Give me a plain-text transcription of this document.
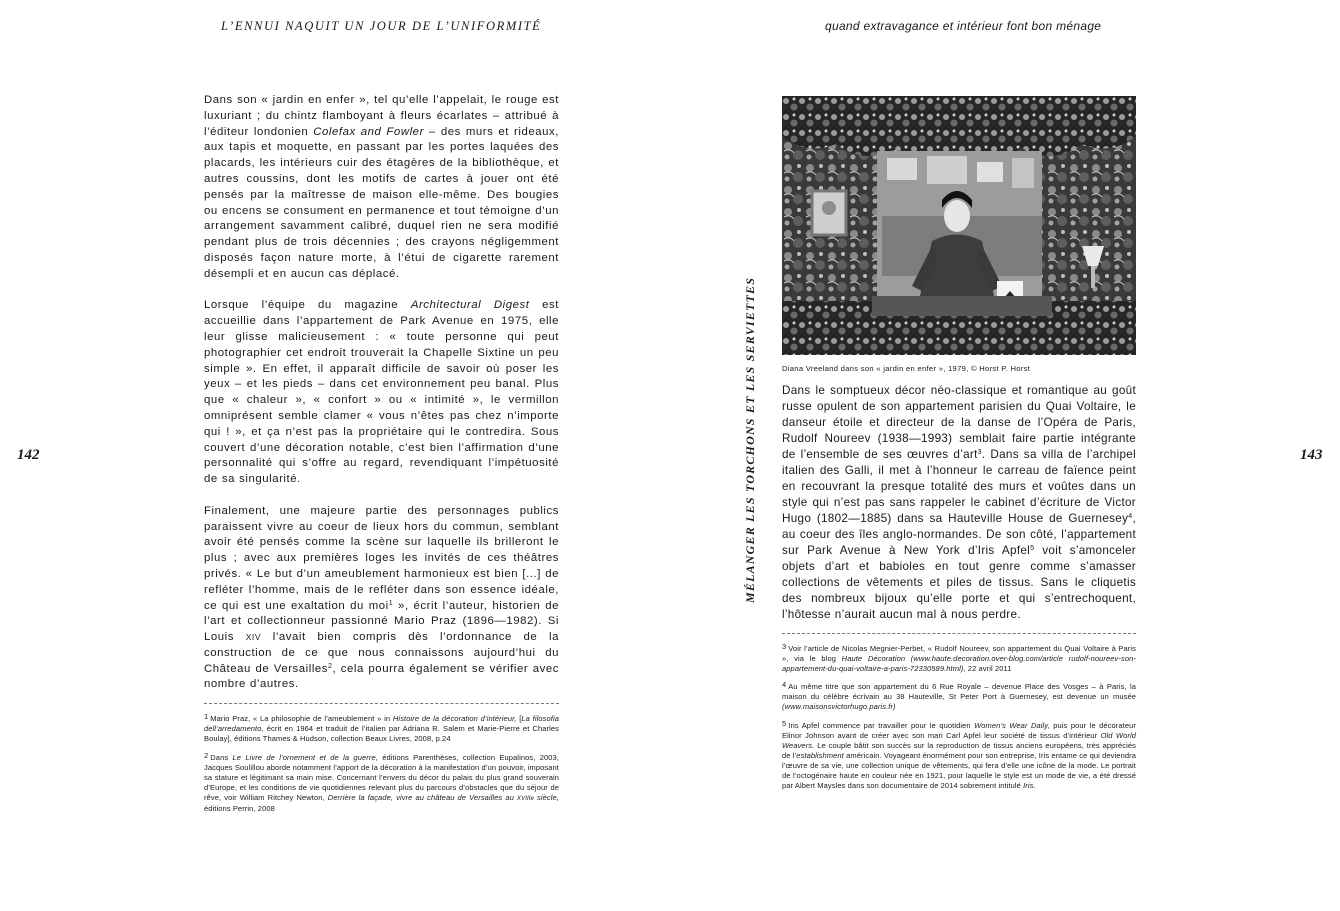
L’ENNUI NAQUIT UN JOUR DE L’UNIFORMITÉ	quand extravagance et intérieur font bon ménage
142	143
MÉLANGER LES TORCHONS ET LES SERVIETTES

Dans son « jardin en enfer », tel qu’elle l’appelait, le rouge est luxuriant ; du chintz flamboyant à fleurs écarlates – attribué à l’éditeur londonien Colefax and Fowler – des murs et rideaux, aux tapis et moquette, en passant par les portes laquées des placards, les intérieurs cuir des étagères de la bibliothèque, et autres coussins, dont les motifs de cartes à jouer ont été pensés par la maîtresse de maison elle-même. Des bougies ou encens se consument en permanence et tout témoigne d’un arrangement savamment calibré, duquel rien ne sera modifié pendant plus de trois décennies ; des crayons négligemment disposés façon nature morte, à l’étui de cigarette rarement désempli et en aucun cas déplacé.

Lorsque l’équipe du magazine Architectural Digest est accueillie dans l’appartement de Park Avenue en 1975, elle leur glisse malicieusement : « toute personne qui peut photographier cet endroit trouverait la Chapelle Sixtine un peu simple ». En effet, il apparaît difficile de savoir où poser les yeux – et les pieds – dans cet environnement peu banal. Plus que « chaleur », « confort » ou « intimité », le vermillon omniprésent semble clamer « vous n’êtes pas chez n’importe qui ! », et ça n’est pas la propriétaire qui le contredira. Sous couvert d’une décoration notable, c’est bien l’affirmation d’une personnalité qui s’offre au regard, revendiquant l’impétuosité de sa singularité.

Finalement, une majeure partie des personnages publics paraissent vivre au coeur de lieux hors du commun, semblant avoir été pensés comme la scène sur laquelle ils brilleront le plus ; avec aux premières loges les invités de ces théâtres privés. « Le but d’un ameublement harmonieux est bien [...] de refléter l’homme, mais de le refléter dans son essence idéale, ce qui est une exaltation du moi$^1$ », écrit l’auteur, historien de l’art et collectionneur passionné Mario Praz (1896—1982). Si Louis XIV l’avait bien compris dès l’ordonnance de la construction de ce que nous connaissons aujourd’hui du Château de Versailles$^2$, cela pourra également se vérifier avec nombre d’autres.

1 Mario Praz, « La philosophie de l’ameublement » in Histoire de la décoration d’intérieur, [La filosofia dell’arredamento, écrit en 1964 et traduit de l’italien par Adriana R. Salem et Marie-Pierre et Charles Boulay], éditions Thames & Hudson, collection Beaux Livres, 2008, p.24

2 Dans Le Livre de l’ornement et de la guerre, éditions Parenthèses, collection Eupalinos, 2003, Jacques Soulillou aborde notamment l’apport de la décoration à la manifestation d’un pouvoir, imposant sa stature et légitimant sa main mise. Concernant l’envers du décor du palais du plus grand souverain d’Europe, et les conditions de vie quotidiennes relevant plus du parcours d’obstacles que du séjour de rêve, voir William Ritchey Newton, Derrière la façade, vivre au château de Versailles au XVIIIe siècle, éditions Perrin, 2008

Diana Vreeland dans son « jardin en enfer », 1979, © Horst P. Horst

Dans le somptueux décor néo-classique et romantique au goût russe opulent de son appartement parisien du Quai Voltaire, le danseur étoile et directeur de la danse de l’Opéra de Paris, Rudolf Noureev (1938—1993) semblait faire partie intégrante de l’ensemble de ses œuvres d’art$^3$. Dans sa villa de l’archipel italien des Galli, il met à l’honneur le carreau de faïence peint en recouvrant la presque totalité des murs et voûtes dans un style qui n’est pas sans rappeler le cabinet d’écriture de Victor Hugo (1802—1885) dans sa Hauteville House de Guernesey$^4$, au coeur des îles anglo-normandes. De son côté, l’appartement sur Park Avenue à New York d’Iris Apfel$^5$ voit s’amonceler objets d’art et babioles en tout genre comme s’amasser collections de vêtements et piles de tissus. Sans le cliquetis des nombreux bijoux qu’elle porte et qui s’entrechoquent, l’hôtesse n’aurait aucun mal à nous perdre.

3 Voir l’article de Nicolas Megnier-Perbet, « Rudolf Noureev, son appartement du Quai Voltaire à Paris », via le blog Haute Décoration (www.haute.decoration.over-blog.com/article rudolf-noureev-son-appartement-du-quai-voltaire-a-paris-72330589.html), 22 avril 2011

4 Au même titre que son appartement du 6 Rue Royale – devenue Place des Vosges – à Paris, la maison du célèbre écrivain au 38 Hauteville, St Peter Port à Guernesey, est devenue un musée (www.maisonsvictorhugo.paris.fr)

5 Iris Apfel commence par travailler pour le quotidien Women’s Wear Daily, puis pour le décorateur Elinor Johnson avant de créer avec son mari Carl Apfel leur société de tissus d’intérieur Old World Weavers. Le couple bâtit son succès sur la reproduction de tissus anciens européens, très appréciés de l’establishment américain. Voyageant énormément pour son entreprise, Iris entame ce qui deviendra l’œuvre de sa vie, une collection unique de vêtements, qui fera d’elle une icône de la mode. Le portrait de l’octogénaire haute en couleur née en 1921, pour laquelle le style est un mode de vie, a été dressé par Albert Maysles dans son documentaire de 2014 sobrement intitulé Iris.
